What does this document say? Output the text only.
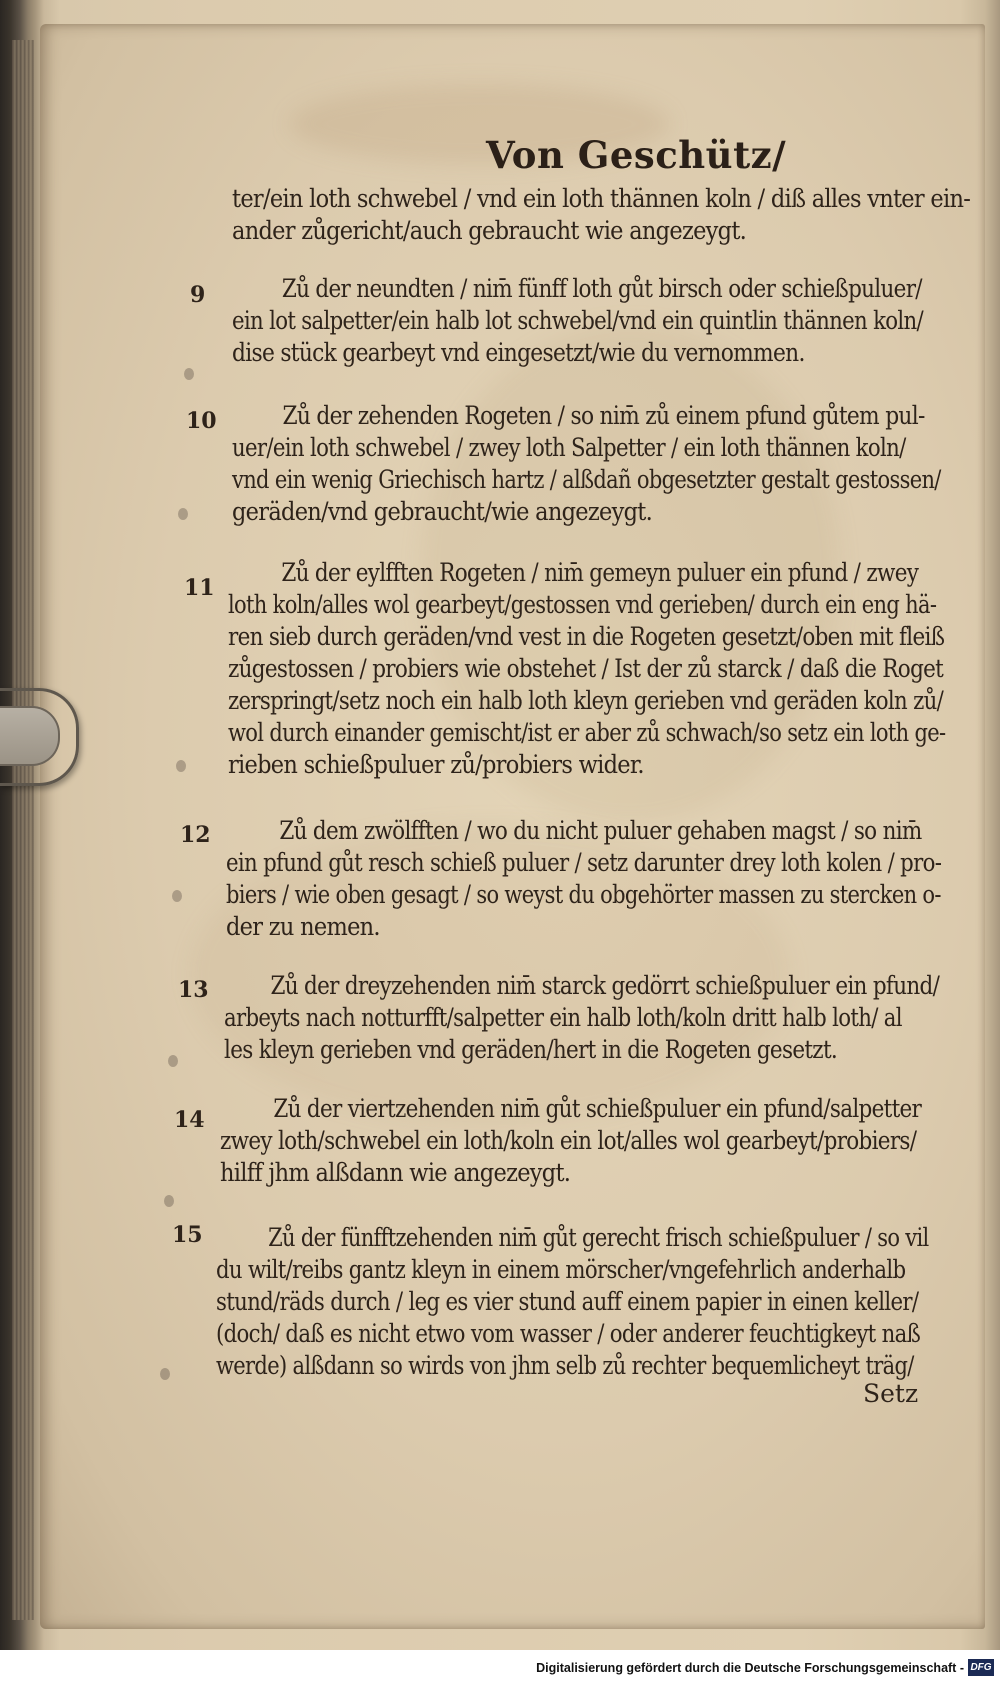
Von Geschütz/
ter/ein loth schwebel / vnd ein loth thännen koln / diß alles vnter ein-
ander zůgericht/auch gebraucht wie angezeygt.
9	Zů der neundten / nim̄ fünff loth gůt birsch oder schießpuluer/
ein lot salpetter/ein halb lot schwebel/vnd ein quintlin thännen koln/
dise stück gearbeyt vnd eingesetzt/wie du vernommen.
10	Zů der zehenden Rogeten / so nim̄ zů einem pfund gůtem pul-
uer/ein loth schwebel / zwey loth Salpetter / ein loth thännen koln/
vnd ein wenig Griechisch hartz / alßdañ obgesetzter gestalt gestossen/
geräden/vnd gebraucht/wie angezeygt.
11
Zů der eylfften Rogeten / nim̄ gemeyn puluer ein pfund / zwey
loth koln/alles wol gearbeyt/gestossen vnd gerieben/ durch ein eng hä-
ren sieb durch geräden/vnd vest in die Rogeten gesetzt/oben mit fleiß
zůgestossen / probiers wie obstehet / Ist der zů starck / daß die Roget
zerspringt/setz noch ein halb loth kleyn gerieben vnd geräden koln zů/
wol durch einander gemischt/ist er aber zů schwach/so setz ein loth ge-
rieben schießpuluer zů/probiers wider.
12	Zů dem zwölfften / wo du nicht puluer gehaben magst / so nim̄
ein pfund gůt resch schieß puluer / setz darunter drey loth kolen / pro-
biers / wie oben gesagt / so weyst du obgehörter massen zu stercken o-
der zu nemen.
13	Zů der dreyzehenden nim̄ starck gedörrt schießpuluer ein pfund/
arbeyts nach notturfft/salpetter ein halb loth/koln dritt halb loth/ al
les kleyn gerieben vnd geräden/hert in die Rogeten gesetzt.
14	Zů der viertzehenden nim̄ gůt schießpuluer ein pfund/salpetter
zwey loth/schwebel ein loth/koln ein lot/alles wol gearbeyt/probiers/
hilff jhm alßdann wie angezeygt.
15	Zů der fünfftzehenden nim̄ gůt gerecht frisch schießpuluer / so vil
du wilt/reibs gantz kleyn in einem mörscher/vngefehrlich anderhalb
stund/räds durch / leg es vier stund auff einem papier in einen keller/
(doch/ daß es nicht etwo vom wasser / oder anderer feuchtigkeyt naß
werde) alßdann so wirds von jhm selb zů rechter bequemlicheyt träg/
Setz
Digitalisierung gefördert durch die Deutsche Forschungsgemeinschaft - DFG
